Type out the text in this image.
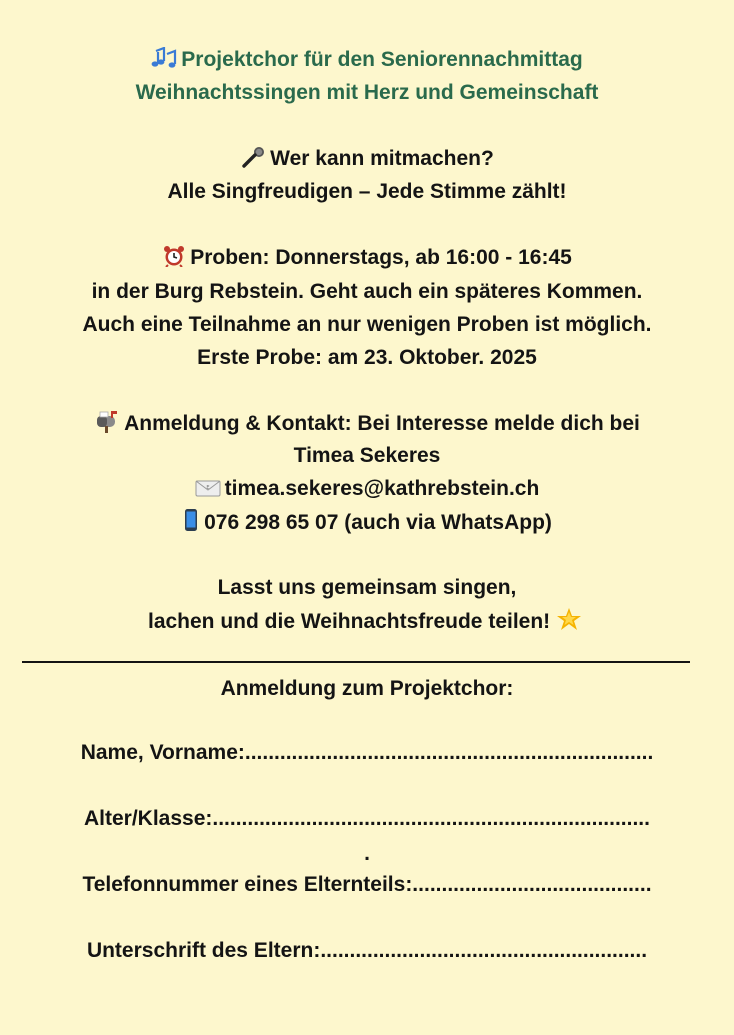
Projektchor für den Seniorennachmittag
Weihnachtssingen mit Herz und Gemeinschaft
Wer kann mitmachen?
Alle Singfreudigen – Jede Stimme zählt!
Proben: Donnerstags, ab 16:00 - 16:45
in der Burg Rebstein. Geht auch ein späteres Kommen.
Auch eine Teilnahme an nur wenigen Proben ist möglich.
Erste Probe: am 23. Oktober. 2025
Anmeldung & Kontakt: Bei Interesse melde dich bei
Timea Sekeres
E timea.sekeres@kathrebstein.ch
076 298 65 07 (auch via WhatsApp)
Lasst uns gemeinsam singen,
lachen und die Weihnachtsfreude teilen!
Anmeldung zum Projektchor:
Name, Vorname:......................................................................
Alter/Klasse:...........................................................................
.
Telefonnummer eines Elternteils:.........................................
Unterschrift des Eltern:........................................................
